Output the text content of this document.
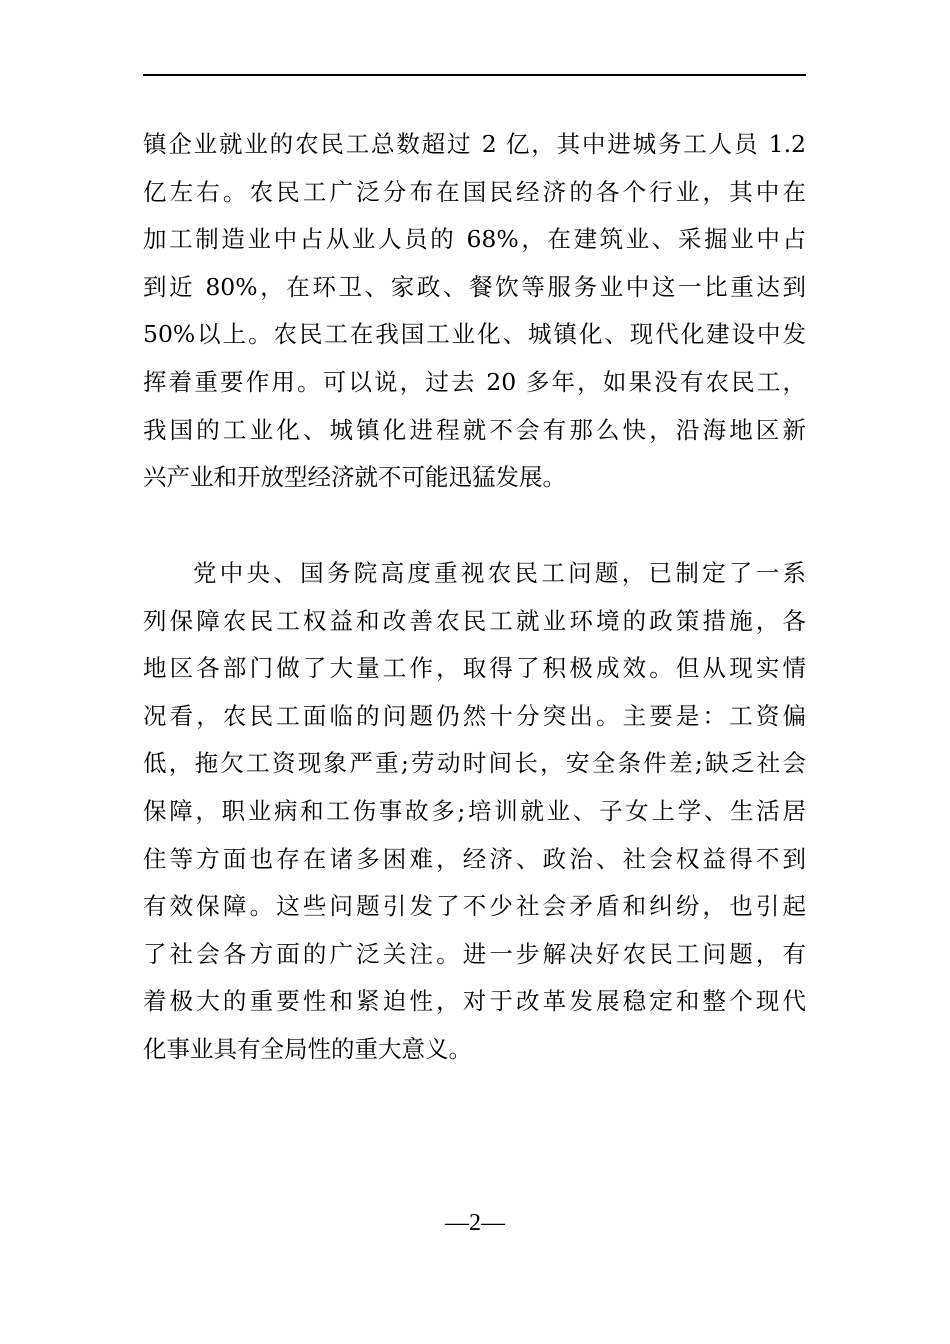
镇企业就业的农民工总数超过 2 亿，其中进城务工人员 1.2
亿左右。农民工广泛分布在国民经济的各个行业，其中在
加工制造业中占从业人员的 68%，在建筑业、采掘业中占
到近 80%，在环卫、家政、餐饮等服务业中这一比重达到
50%以上。农民工在我国工业化、城镇化、现代化建设中发
挥着重要作用。可以说，过去 20 多年，如果没有农民工，
我国的工业化、城镇化进程就不会有那么快，沿海地区新
兴产业和开放型经济就不可能迅猛发展。
党中央、国务院高度重视农民工问题，已制定了一系
列保障农民工权益和改善农民工就业环境的政策措施，各
地区各部门做了大量工作，取得了积极成效。但从现实情
况看，农民工面临的问题仍然十分突出。主要是：工资偏
低，拖欠工资现象严重;劳动时间长，安全条件差;缺乏社会
保障，职业病和工伤事故多;培训就业、子女上学、生活居
住等方面也存在诸多困难，经济、政治、社会权益得不到
有效保障。这些问题引发了不少社会矛盾和纠纷，也引起
了社会各方面的广泛关注。进一步解决好农民工问题，有
着极大的重要性和紧迫性，对于改革发展稳定和整个现代
化事业具有全局性的重大意义。
—2—
